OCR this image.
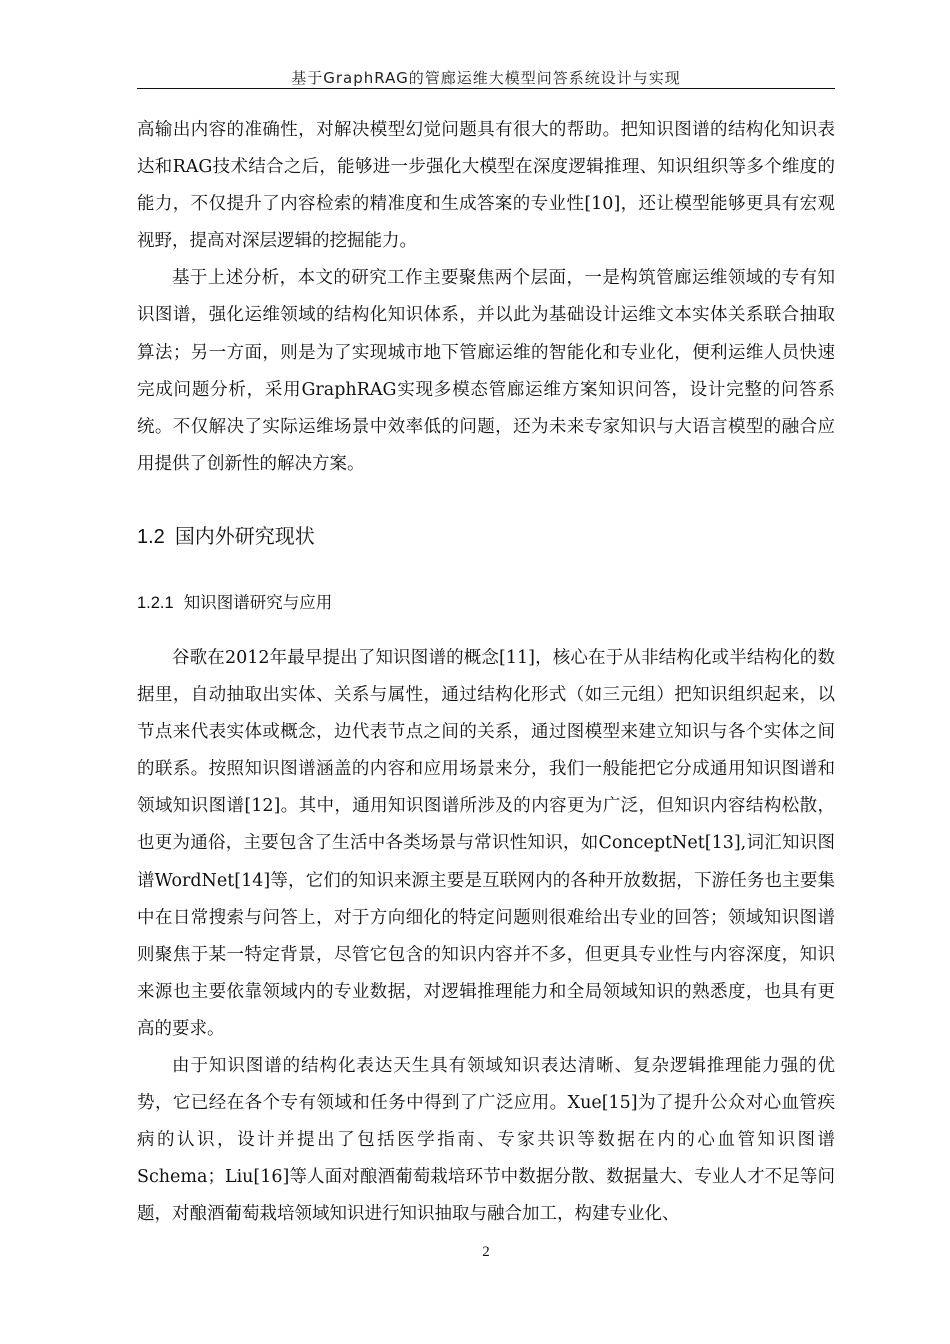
基于GraphRAG的管廊运维大模型问答系统设计与实现

高输出内容的准确性，对解决模型幻觉问题具有很大的帮助。把知识图谱的结构化知识表达和RAG技术结合之后，能够进一步强化大模型在深度逻辑推理、知识组织等多个维度的能力，不仅提升了内容检索的精准度和生成答案的专业性[10]，还让模型能够更具有宏观视野，提高对深层逻辑的挖掘能力。

基于上述分析，本文的研究工作主要聚焦两个层面，一是构筑管廊运维领域的专有知识图谱，强化运维领域的结构化知识体系，并以此为基础设计运维文本实体关系联合抽取算法；另一方面，则是为了实现城市地下管廊运维的智能化和专业化，便利运维人员快速完成问题分析，采用GraphRAG实现多模态管廊运维方案知识问答，设计完整的问答系统。不仅解决了实际运维场景中效率低的问题，还为未来专家知识与大语言模型的融合应用提供了创新性的解决方案。

1.2 国内外研究现状
1.2.1 知识图谱研究与应用

谷歌在2012年最早提出了知识图谱的概念[11]，核心在于从非结构化或半结构化的数据里，自动抽取出实体、关系与属性，通过结构化形式（如三元组）把知识组织起来，以节点来代表实体或概念，边代表节点之间的关系，通过图模型来建立知识与各个实体之间的联系。按照知识图谱涵盖的内容和应用场景来分，我们一般能把它分成通用知识图谱和领域知识图谱[12]。其中，通用知识图谱所涉及的内容更为广泛，但知识内容结构松散，也更为通俗，主要包含了生活中各类场景与常识性知识，如ConceptNet[13],词汇知识图谱WordNet[14]等，它们的知识来源主要是互联网内的各种开放数据，下游任务也主要集中在日常搜索与问答上，对于方向细化的特定问题则很难给出专业的回答；领域知识图谱则聚焦于某一特定背景，尽管它包含的知识内容并不多，但更具专业性与内容深度，知识来源也主要依靠领域内的专业数据，对逻辑推理能力和全局领域知识的熟悉度，也具有更高的要求。

由于知识图谱的结构化表达天生具有领域知识表达清晰、复杂逻辑推理能力强的优势，它已经在各个专有领域和任务中得到了广泛应用。Xue[15]为了提升公众对心血管疾病的认识，设计并提出了包括医学指南、专家共识等数据在内的心血管知识图谱Schema；Liu[16]等人面对酿酒葡萄栽培环节中数据分散、数据量大、专业人才不足等问题，对酿酒葡萄栽培领域知识进行知识抽取与融合加工，构建专业化、

2
